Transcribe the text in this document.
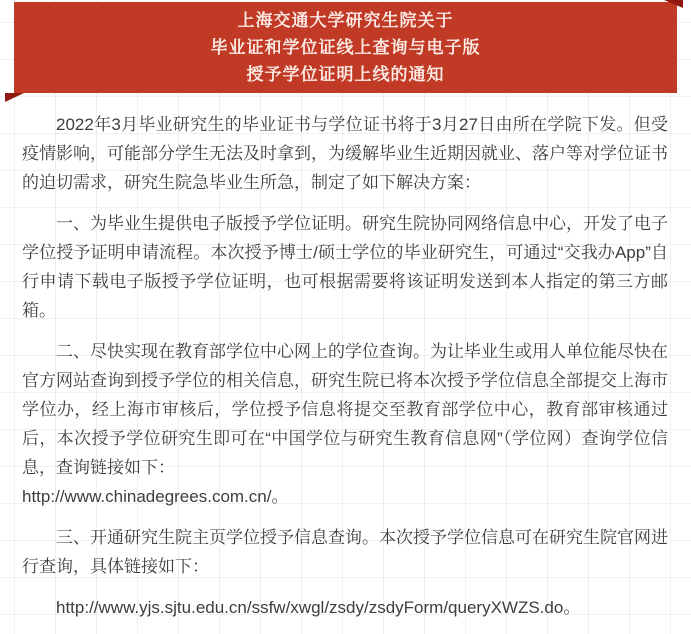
上海交通大学研究生院关于
毕业证和学位证线上查询与电子版
授予学位证明上线的通知

2022年3月毕业研究生的毕业证书与学位证书将于3月27日由所在学院下发。但受疫情影响，可能部分学生无法及时拿到，为缓解毕业生近期因就业、落户等对学位证书的迫切需求，研究生院急毕业生所急，制定了如下解决方案：

一、为毕业生提供电子版授予学位证明。研究生院协同网络信息中心，开发了电子学位授予证明申请流程。本次授予博士/硕士学位的毕业研究生，可通过“交我办App”自行申请下载电子版授予学位证明，也可根据需要将该证明发送到本人指定的第三方邮箱。

二、尽快实现在教育部学位中心网上的学位查询。为让毕业生或用人单位能尽快在官方网站查询到授予学位的相关信息，研究生院已将本次授予学位信息全部提交上海市学位办，经上海市审核后，学位授予信息将提交至教育部学位中心，教育部审核通过后，本次授予学位研究生即可在“中国学位与研究生教育信息网”（学位网）查询学位信息，查询链接如下：

http://www.chinadegrees.com.cn/。

三、开通研究生院主页学位授予信息查询。本次授予学位信息可在研究生院官网进行查询，具体链接如下：

http://www.yjs.sjtu.edu.cn/ssfw/xwgl/zsdy/zsdyForm/queryXWZS.do。
